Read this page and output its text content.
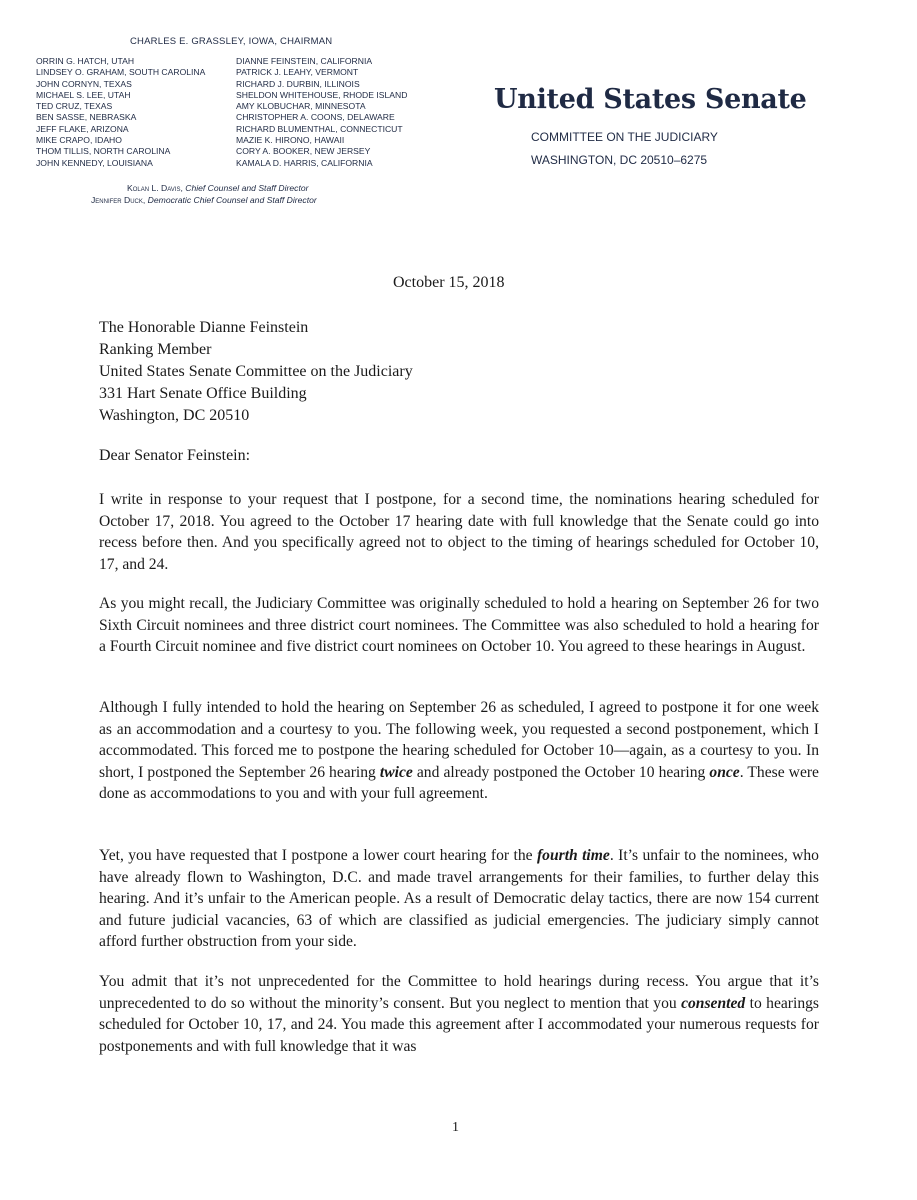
CHARLES E. GRASSLEY, IOWA, CHAIRMAN
ORRIN G. HATCH, UTAH
LINDSEY O. GRAHAM, SOUTH CAROLINA
JOHN CORNYN, TEXAS
MICHAEL S. LEE, UTAH
TED CRUZ, TEXAS
BEN SASSE, NEBRASKA
JEFF FLAKE, ARIZONA
MIKE CRAPO, IDAHO
THOM TILLIS, NORTH CAROLINA
JOHN KENNEDY, LOUISIANA
DIANNE FEINSTEIN, CALIFORNIA
PATRICK J. LEAHY, VERMONT
RICHARD J. DURBIN, ILLINOIS
SHELDON WHITEHOUSE, RHODE ISLAND
AMY KLOBUCHAR, MINNESOTA
CHRISTOPHER A. COONS, DELAWARE
RICHARD BLUMENTHAL, CONNECTICUT
MAZIE K. HIRONO, HAWAII
CORY A. BOOKER, NEW JERSEY
KAMALA D. HARRIS, CALIFORNIA
Kolan L. Davis, Chief Counsel and Staff Director
Jennifer Duck, Democratic Chief Counsel and Staff Director
United States Senate
COMMITTEE ON THE JUDICIARY
WASHINGTON, DC 20510–6275
October 15, 2018
The Honorable Dianne Feinstein
Ranking Member
United States Senate Committee on the Judiciary
331 Hart Senate Office Building
Washington, DC 20510
Dear Senator Feinstein:

I write in response to your request that I postpone, for a second time, the nominations hearing scheduled for October 17, 2018. You agreed to the October 17 hearing date with full knowledge that the Senate could go into recess before then. And you specifically agreed not to object to the timing of hearings scheduled for October 10, 17, and 24.

As you might recall, the Judiciary Committee was originally scheduled to hold a hearing on September 26 for two Sixth Circuit nominees and three district court nominees. The Committee was also scheduled to hold a hearing for a Fourth Circuit nominee and five district court nominees on October 10. You agreed to these hearings in August.

Although I fully intended to hold the hearing on September 26 as scheduled, I agreed to postpone it for one week as an accommodation and a courtesy to you. The following week, you requested a second postponement, which I accommodated. This forced me to postpone the hearing scheduled for October 10—again, as a courtesy to you. In short, I postponed the September 26 hearing twice and already postponed the October 10 hearing once. These were done as accommodations to you and with your full agreement.

Yet, you have requested that I postpone a lower court hearing for the fourth time. It’s unfair to the nominees, who have already flown to Washington, D.C. and made travel arrangements for their families, to further delay this hearing. And it’s unfair to the American people. As a result of Democratic delay tactics, there are now 154 current and future judicial vacancies, 63 of which are classified as judicial emergencies. The judiciary simply cannot afford further obstruction from your side.

You admit that it’s not unprecedented for the Committee to hold hearings during recess. You argue that it’s unprecedented to do so without the minority’s consent. But you neglect to mention that you consented to hearings scheduled for October 10, 17, and 24. You made this agreement after I accommodated your numerous requests for postponements and with full knowledge that it was

1
